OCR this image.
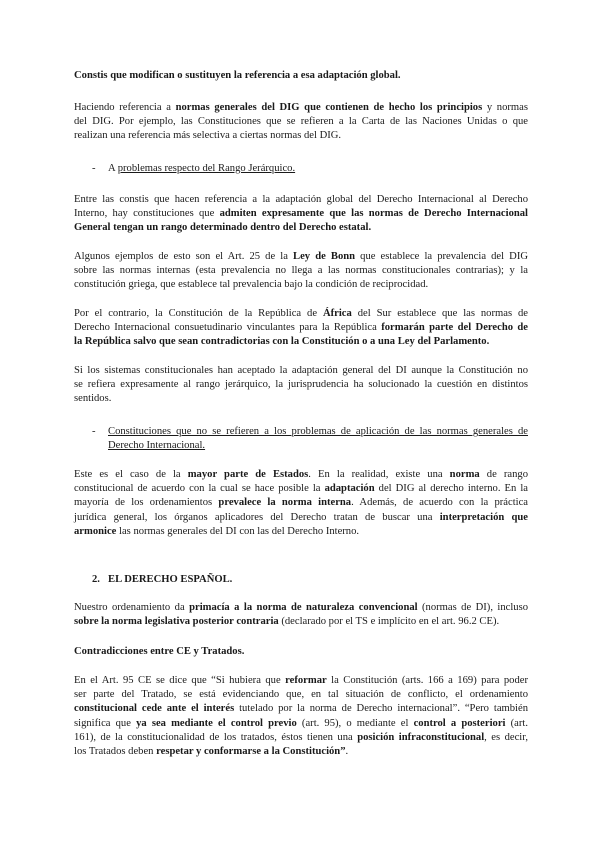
Constis que modifican o sustituyen la referencia a esa adaptación global.

Haciendo referencia a normas generales del DIG que contienen de hecho los principios y normas
del DIG. Por ejemplo, las Constituciones que se refieren a la Carta de las Naciones Unidas o que
realizan una referencia más selectiva a ciertas normas del DIG.

- A problemas respecto del Rango Jerárquico.

Entre las constis que hacen referencia a la adaptación global del Derecho Internacional al Derecho
Interno, hay constituciones que admiten expresamente que las normas de Derecho Internacional
General tengan un rango determinado dentro del Derecho estatal.

Algunos ejemplos de esto son el Art. 25 de la Ley de Bonn que establece la prevalencia del DIG
sobre las normas internas (esta prevalencia no llega a las normas constitucionales contrarias); y la
constitución griega, que establece tal prevalencia bajo la condición de reciprocidad.

Por el contrario, la Constitución de la República de África del Sur establece que las normas de
Derecho Internacional consuetudinario vinculantes para la República formarán parte del Derecho de
la República salvo que sean contradictorias con la Constitución o a una Ley del Parlamento.

Si los sistemas constitucionales han aceptado la adaptación general del DI aunque la Constitución no
se refiera expresamente al rango jerárquico, la jurisprudencia ha solucionado la cuestión en distintos
sentidos.

- Constituciones que no se refieren a los problemas de aplicación de las normas generales de
Derecho Internacional.

Este es el caso de la mayor parte de Estados. En la realidad, existe una norma de rango
constitucional de acuerdo con la cual se hace posible la adaptación del DIG al derecho interno. En la
mayoría de los ordenamientos prevalece la norma interna. Además, de acuerdo con la práctica
jurídica general, los órganos aplicadores del Derecho tratan de buscar una interpretación que
armonice las normas generales del DI con las del Derecho Interno.

2. EL DERECHO ESPAÑOL.

Nuestro ordenamiento da primacía a la norma de naturaleza convencional (normas de DI), incluso
sobre la norma legislativa posterior contraria (declarado por el TS e implícito en el art. 96.2 CE).

Contradicciones entre CE y Tratados.

En el Art. 95 CE se dice que “Si hubiera que reformar la Constitución (arts. 166 a 169) para poder
ser parte del Tratado, se está evidenciando que, en tal situación de conflicto, el ordenamiento
constitucional cede ante el interés tutelado por la norma de Derecho internacional”. “Pero también
significa que ya sea mediante el control previo (art. 95), o mediante el control a posteriori (art.
161), de la constitucionalidad de los tratados, éstos tienen una posición infraconstitucional, es decir,
los Tratados deben respetar y conformarse a la Constitución”.
